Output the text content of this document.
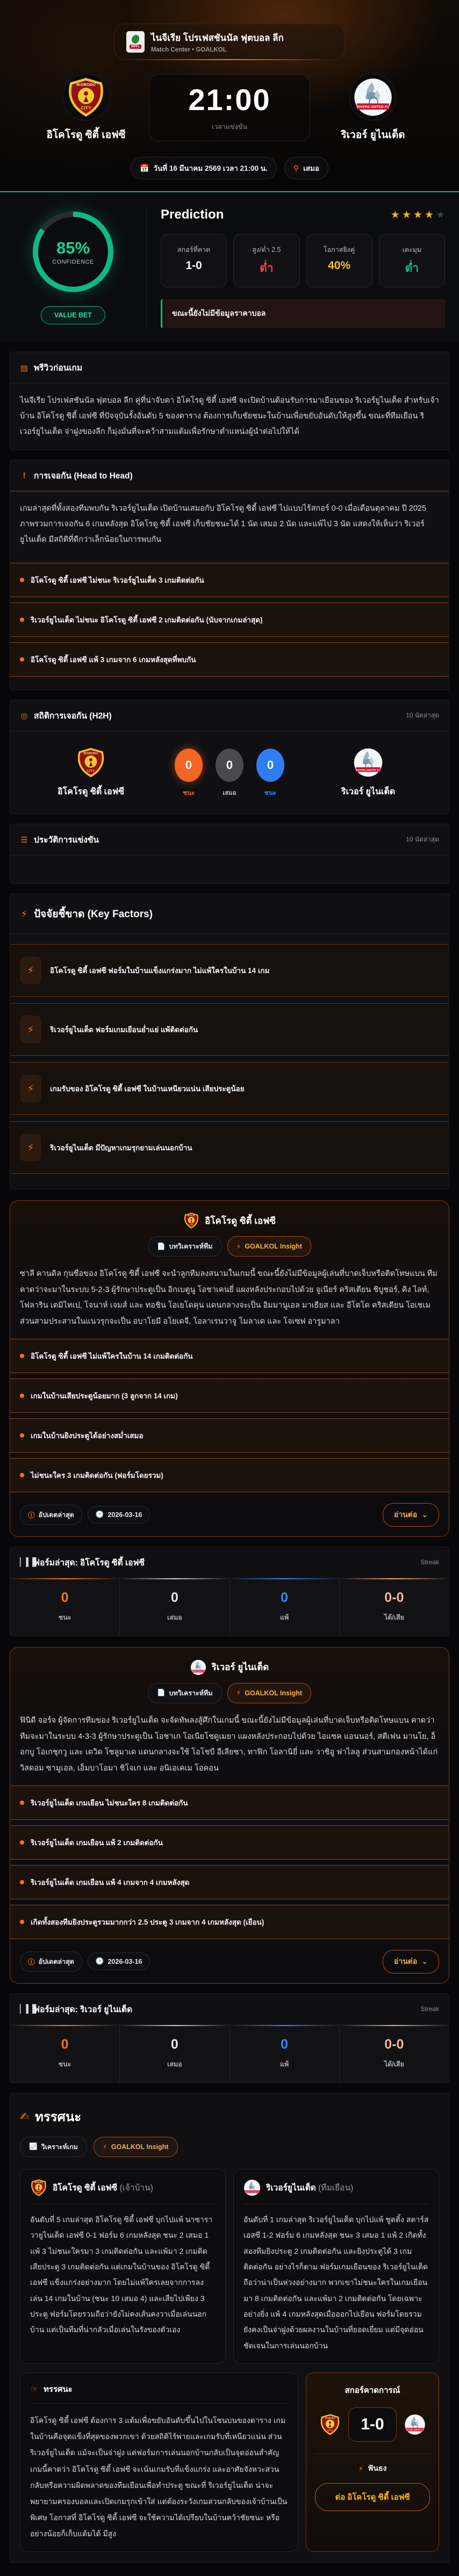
NPFL
ไนจีเรีย โปรเฟสชันนัล ฟุตบอล ลีก
Match Center • GOALKOL
อิโคโรดู ซิตี้ เอฟซี
21:00
เวลาแข่งขัน
ริเวอร์ ยูไนเต็ด
📅 วันที่ 16 มีนาคม 2569 เวลา 21:00 น.	⚲ เสมอ
85%
CONFIDENCE
VALUE BET
Prediction	★ ★ ★ ★ ★
สกอร์ที่คาด
1-0
สูง/ต่ำ 2.5
ต่ำ
โอกาสยิงคู่
40%
เตะมุม
ต่ำ
ขณะนี้ยังไม่มีข้อมูลราคาบอล
▤ พรีวิวก่อนเกม
ไนจีเรีย โปรเฟสชันนัล ฟุตบอล ลีก คู่ที่น่าจับตา อิโคโรดู ซิตี้ เอฟซี จะเปิดบ้านต้อนรับการมาเยือนของ ริเวอร์ยูไนเต็ด สำหรับเจ้าบ้าน อิโคโรดู ซิตี้ เอฟซี ที่ปัจจุบันรั้งอันดับ 5 ของตาราง ต้องการเก็บชัยชนะในบ้านเพื่อขยับอันดับให้สูงขึ้น ขณะที่ทีมเยือน ริเวอร์ยูไนเต็ด จ่าฝูงของลีก ก็มุ่งมั่นที่จะคว้าสามแต้มเพื่อรักษาตำแหน่งผู้นำต่อไปให้ได้
!	การเจอกัน (Head to Head)
เกมล่าสุดที่ทั้งสองทีมพบกัน ริเวอร์ยูไนเต็ด เปิดบ้านเสมอกับ อิโคโรดู ซิตี้ เอฟซี ไปแบบไร้สกอร์ 0-0 เมื่อเดือนตุลาคม ปี 2025 ภาพรวมการเจอกัน 6 เกมหลังสุด อิโคโรดู ซิตี้ เอฟซี เก็บชัยชนะได้ 1 นัด เสมอ 2 นัด และแพ้ไป 3 นัด แสดงให้เห็นว่า ริเวอร์ยูไนเต็ด มีสถิติที่ดีกว่าเล็กน้อยในการพบกัน
อิโคโรดู ซิตี้ เอฟซี ไม่ชนะ ริเวอร์ยูไนเต็ด 3 เกมติดต่อกัน
ริเวอร์ยูไนเต็ด ไม่ชนะ อิโคโรดู ซิตี้ เอฟซี 2 เกมติดต่อกัน (นับจากเกมล่าสุด)
อิโคโรดู ซิตี้ เอฟซี แพ้ 3 เกมจาก 6 เกมหลังสุดที่พบกัน
◎ สถิติการเจอกัน (H2H)	10 นัดล่าสุด
อิโคโรดู ซิตี้ เอฟซี
0
ชนะ
0
เสมอ
0
ชนะ	ริเวอร์ ยูไนเต็ด
☰ ประวัติการแข่งขัน	10 นัดล่าสุด
⚡ ปัจจัยชี้ขาด (Key Factors)
⚡	อิโคโรดู ซิตี้ เอฟซี ฟอร์มในบ้านแข็งแกร่งมาก ไม่แพ้ใครในบ้าน 14 เกม
⚡	ริเวอร์ยูไนเต็ด ฟอร์มเกมเยือนย่ำแย่ แพ้ติดต่อกัน
⚡	เกมรับของ อิโคโรดู ซิตี้ เอฟซี ในบ้านเหนียวแน่น เสียประตูน้อย
⚡	ริเวอร์ยูไนเต็ด มีปัญหาเกมรุกยามเล่นนอกบ้าน
อิโคโรดู ซิตี้ เอฟซี
📄 บทวิเคราะห์ทีม	⚡ GOALKOL Insight
ซาลี คานดิล กุนซือของ อิโคโรดู ซิตี้ เอฟซี จะนำลูกทีมลงสนามในเกมนี้ ขณะนี้ยังไม่มีข้อมูลผู้เล่นที่บาดเจ็บหรือติดโทษแบน ทีมคาดว่าจะมาในระบบ 5-2-3 ผู้รักษาประตูเป็น อิกเบตูนู โอชาเคนยี่ แผงหลังประกอบไปด้วย จูเนียร์ คริสเตียน ชิบูชอร์, คิง ไลท์, โฟลาริน เตมิไทเป, โจนาห์ เจมส์ และ ทอชิน โอเยโดคุน แดนกลางจะเป็น อิมมานูเอล มาเธียส และ อีโตโด คริสเตียน โอเชเม ส่วนสามประสานในแนวรุกจะเป็น อบาโยมี อโยเดจี, โอลาเรนวาจู โมลาเด และ โจเซฟ อารูมาลา
อิโคโรดู ซิตี้ เอฟซี ไม่แพ้ใครในบ้าน 14 เกมติดต่อกัน
เกมในบ้านเสียประตูน้อยมาก (3 ลูกจาก 14 เกม)
เกมในบ้านยิงประตูได้อย่างสม่ำเสมอ
ไม่ชนะใคร 3 เกมติดต่อกัน (ฟอร์มโดยรวม)
ⓘ อัปเดตล่าสุด	🕑 2026-03-16	อ่านต่อ ⌄
▏▍▋
ฟอร์มล่าสุด: อิโคโรดู ซิตี้ เอฟซี	Streak
0
ชนะ
0
เสมอ
0
แพ้
0-0
ได้/เสีย
ริเวอร์ ยูไนเต็ด
📄 บทวิเคราะห์ทีม	⚡ GOALKOL Insight
ฟินิดี จอร์จ ผู้จัดการทีมของ ริเวอร์ยูไนเต็ด จะจัดทัพลงสู้ศึกในเกมนี้ ขณะนี้ยังไม่มีข้อมูลผู้เล่นที่บาดเจ็บหรือติดโทษแบน คาดว่าทีมจะมาในระบบ 4-3-3 ผู้รักษาประตูเป็น โอชาเก โอเนียโชดูเมยา แผงหลังประกอบไปด้วย ไอแซค แอนนอร์, สตีเฟน มานโย, อ็อกบู โอเกชุกวู และ เดวิด โชลูมาเด แดนกลางจะใช้ โอโชบี อีเลียซา, ทาฟิก โอลานิยี่ และ วาชิอู ฟาไลลู ส่วนสามกองหน้าได้แก่ วิสดอม ซามูเอล, เอ็มบาโอมา ชิโจเก และ อนิเอเคเม โอคอน
ริเวอร์ยูไนเต็ด เกมเยือน ไม่ชนะใคร 8 เกมติดต่อกัน
ริเวอร์ยูไนเต็ด เกมเยือน แพ้ 2 เกมติดต่อกัน
ริเวอร์ยูไนเต็ด เกมเยือน แพ้ 4 เกมจาก 4 เกมหลังสุด
เกิดทั้งสองทีมยิงประตูรวมมากกว่า 2.5 ประตู 3 เกมจาก 4 เกมหลังสุด (เยือน)
ⓘ อัปเดตล่าสุด	🕑 2026-03-16	อ่านต่อ ⌄
▏▍▋
ฟอร์มล่าสุด: ริเวอร์ ยูไนเต็ด	Streak
0
ชนะ
0
เสมอ
0
แพ้
0-0
ได้/เสีย
✍ ทรรศนะ
📈 วิเคราะห์เกม	⚡ GOALKOL Insight
อิโคโรดู ซิตี้ เอฟซี (เจ้าบ้าน)
อันดับที่ 5 เกมล่าสุด อิโคโรดู ซิตี้ เอฟซี บุกไปแพ้ นาซาราวายูไนเต็ด เอฟซี 0-1 ฟอร์ม 6 เกมหลังสุด ชนะ 2 เสมอ 1 แพ้ 3 ไม่ชนะใครมา 3 เกมติดต่อกัน และแพ้มา 2 เกมติด เสียประตู 3 เกมติดต่อกัน แต่เกมในบ้านของ อิโคโรดู ซิตี้ เอฟซี แข็งแกร่งอย่างมาก โดยไม่แพ้ใครเลยจากการลงเล่น 14 เกมในบ้าน (ชนะ 10 เสมอ 4) และเสียไปเพียง 3 ประตู ฟอร์มโดยรวมถือว่ายังไม่คงเส้นคงวาเมื่อเล่นนอกบ้าน แต่เป็นทีมที่น่ากลัวเมื่อเล่นในรังของตัวเอง
ริเวอร์ยูไนเต็ด (ทีมเยือน)
อันดับที่ 1 เกมล่าสุด ริเวอร์ยูไนเต็ด บุกไปแพ้ ชูตติ้ง สตาร์ส เอสซี 1-2 ฟอร์ม 6 เกมหลังสุด ชนะ 3 เสมอ 1 แพ้ 2 เกิดทั้งสองทีมยิงประตู 2 เกมติดต่อกัน และยิงประตูได้ 3 เกมติดต่อกัน อย่างไรก็ตาม ฟอร์มเกมเยือนของ ริเวอร์ยูไนเต็ด ถือว่าน่าเป็นห่วงอย่างมาก พวกเขาไม่ชนะใครในเกมเยือนมา 8 เกมติดต่อกัน และแพ้มา 2 เกมติดต่อกัน โดยเฉพาะอย่างยิ่ง แพ้ 4 เกมหลังสุดเมื่อออกไปเยือน ฟอร์มโดยรวมยังคงเป็นจ่าฝูงด้วยผลงานในบ้านที่ยอดเยี่ยม แต่มีจุดอ่อนชัดเจนในการเล่นนอกบ้าน
☞ ทรรศนะ
อิโคโรดู ซิตี้ เอฟซี ต้องการ 3 แต้มเพื่อขยับอันดับขึ้นไปในโซนบนของตาราง เกมในบ้านคือจุดแข็งที่สุดของพวกเขา ด้วยสถิติไร้พ่ายและเกมรับที่เหนียวแน่น ส่วน ริเวอร์ยูไนเต็ด แม้จะเป็นจ่าฝูง แต่ฟอร์มการเล่นนอกบ้านกลับเป็นจุดอ่อนสำคัญ เกมนี้คาดว่า อิโคโรดู ซิตี้ เอฟซี จะเน้นเกมรับที่แข็งแกร่ง และอาศัยจังหวะสวนกลับหรือความผิดพลาดของทีมเยือนเพื่อทำประตู ขณะที่ ริเวอร์ยูไนเต็ด น่าจะพยายามครองบอลและเปิดเกมรุกเข้าใส่ แต่ต้องระวังเกมสวนกลับของเจ้าบ้านเป็นพิเศษ โอกาสที่ อิโคโรดู ซิตี้ เอฟซี จะใช้ความได้เปรียบในบ้านคว้าชัยชนะ หรืออย่างน้อยก็เก็บแต้มได้ มีสูง
สกอร์คาดการณ์
1-0
⚡ ฟันธง
ต่อ อิโคโรดู ซิตี้ เอฟซี
